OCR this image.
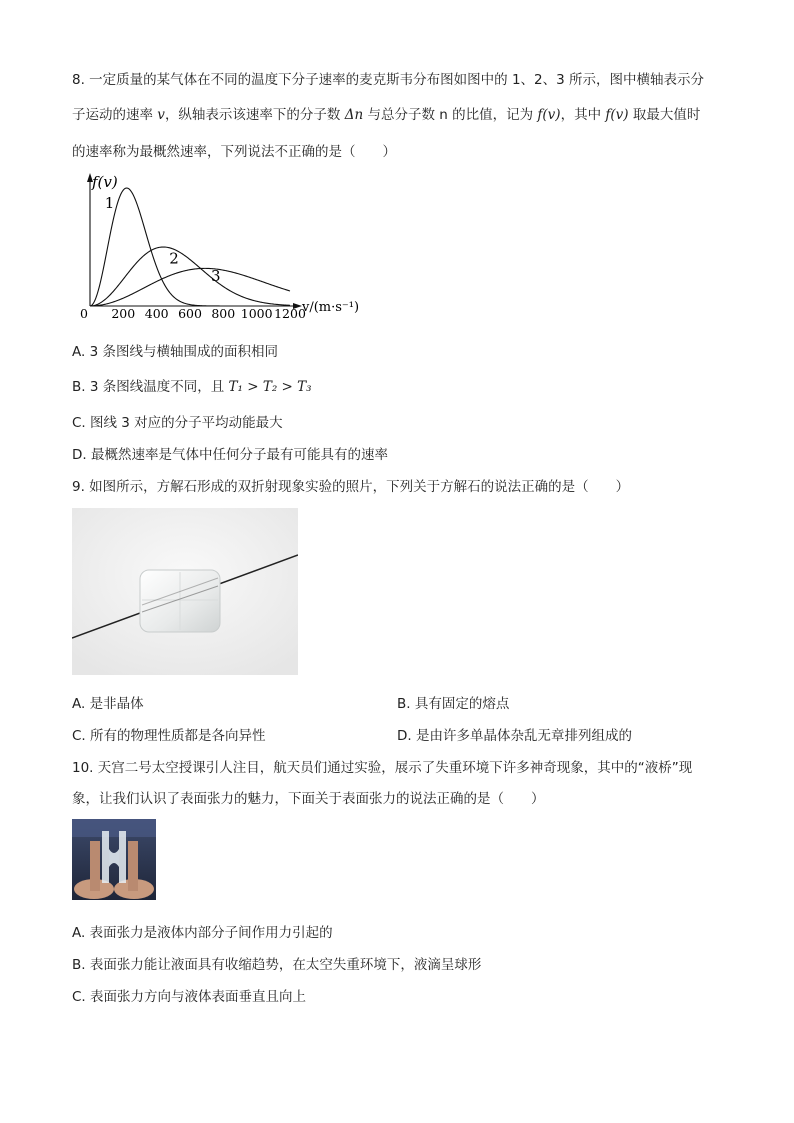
8. 一定质量的某气体在不同的温度下分子速率的麦克斯韦分布图如图中的 1、2、3 所示，图中横轴表示分
子运动的速率 v，纵轴表示该速率下的分子数 Δn 与总分子数 n 的比值，记为 f(v)，其中 f(v) 取最大值时
的速率称为最概然速率，下列说法不正确的是（　　）
f(v)
v/(m·s⁻¹)
0 200 400 600 800 1000 1200
1
2
3
A. 3 条图线与横轴围成的面积相同
B. 3 条图线温度不同，且 T₁ > T₂ > T₃
C. 图线 3 对应的分子平均动能最大
D. 最概然速率是气体中任何分子最有可能具有的速率
9. 如图所示，方解石形成的双折射现象实验的照片，下列关于方解石的说法正确的是（　　）
A. 是非晶体	B. 具有固定的熔点
C. 所有的物理性质都是各向异性	D. 是由许多单晶体杂乱无章排列组成的
10. 天宫二号太空授课引人注目，航天员们通过实验，展示了失重环境下许多神奇现象，其中的“液桥”现
象，让我们认识了表面张力的魅力，下面关于表面张力的说法正确的是（　　）
A. 表面张力是液体内部分子间作用力引起的
B. 表面张力能让液面具有收缩趋势，在太空失重环境下，液滴呈球形
C. 表面张力方向与液体表面垂直且向上
